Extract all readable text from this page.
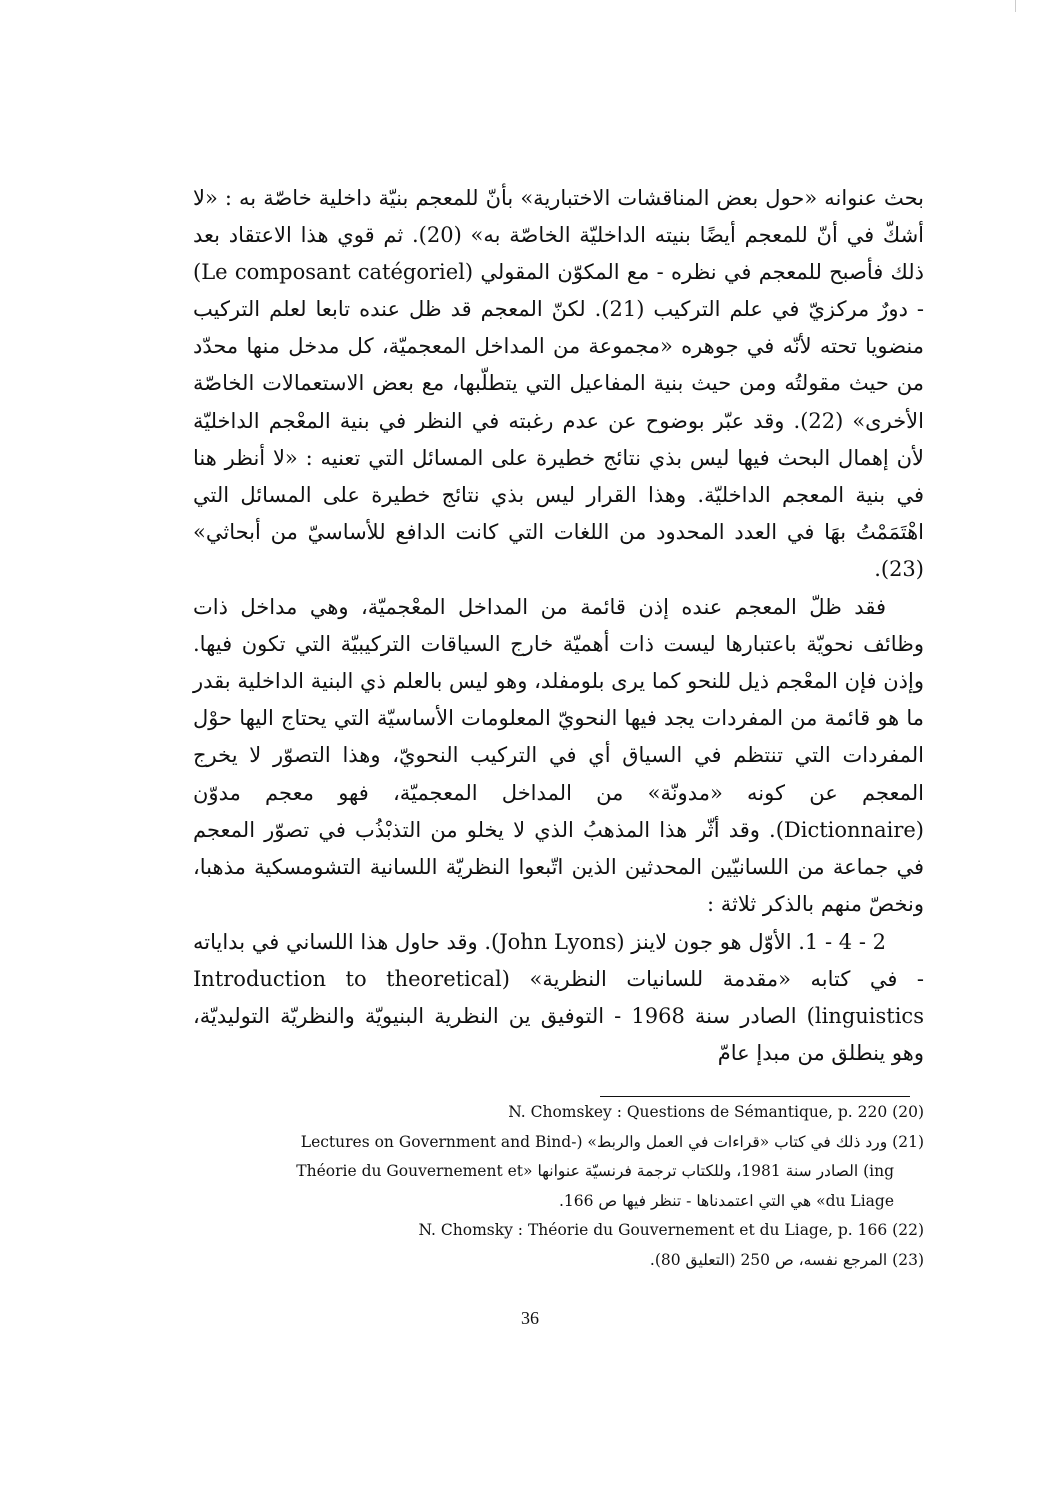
بحث عنوانه «حول بعض المناقشات الاختبارية» بأنّ للمعجم بنيّة داخلية خاصّة به : «لا أشكّ في أنّ للمعجم أيضًا بنيته الداخليّة الخاصّة به» (20). ثم قوي هذا الاعتقاد بعد ذلك فأصبح للمعجم في نظره - مع المكوّن المقولي (Le composant catégoriel) - دورٌ مركزيّ في علم التركيب (21). لكنّ المعجم قد ظل عنده تابعا لعلم التركيب منضويا تحته لأنّه في جوهره «مجموعة من المداخل المعجميّة، كل مدخل منها محدّد من حيث مقولتُه ومن حيث بنية المفاعيل التي يتطلّبها، مع بعض الاستعمالات الخاصّة الأخرى» (22). وقد عبّر بوضوح عن عدم رغبته في النظر في بنية المعْجم الداخليّة لأن إهمال البحث فيها ليس بذي نتائج خطيرة على المسائل التي تعنيه : «لا أنظر هنا في بنية المعجم الداخليّة. وهذا القرار ليس بذي نتائج خطيرة على المسائل التي اهْتَمَمْتُ بهَا في العدد المحدود من اللغات التي كانت الدافع للأساسيّ من أبحاثي» (23).

فقد ظلّ المعجم عنده إذن قائمة من المداخل المعْجميّة، وهي مداخل ذات وظائف نحويّة باعتبارها ليست ذات أهميّة خارج السياقات التركيبيّة التي تكون فيها. وإذن فإن المعْجم ذيل للنحو كما يرى بلومفلد، وهو ليس بالعلم ذي البنية الداخلية بقدر ما هو قائمة من المفردات يجد فيها النحويّ المعلومات الأساسيّة التي يحتاج اليها حوْل المفردات التي تنتظم في السياق أي في التركيب النحويّ، وهذا التصوّر لا يخرج المعجم عن كونه «مدونّة» من المداخل المعجميّة، فهو معجم مدوّن (Dictionnaire). وقد أثّر هذا المذهبُ الذي لا يخلو من التذبْذُب في تصوّر المعجم في جماعة من اللسانيّين المحدثين الذين اتّبعوا النظريّة اللسانية التشومسكية مذهبا، ونخصّ منهم بالذكر ثلاثة :

2 - 4 - 1. الأوّل هو جون لاينز (John Lyons). وقد حاول هذا اللساني في بداياته - في كتابه «مقدمة للسانيات النظرية» (Introduction to theoretical linguistics) الصادر سنة 1968 - التوفيق ين النظرية البنيويّة والنظريّة التوليديّة، وهو ينطلق من مبدإ عامّ

N. Chomskey : Questions de Sémantique, p. 220 (20)

(21) ورد ذلك في كتاب «قراءات في العمل والربط» (-Lectures on Government and Bind

ing) الصادر سنة 1981، وللكتاب ترجمة فرنسيّة عنوانها «Théorie du Gouvernement et

du Liage» هي التي اعتمدناها - تنظر فيها ص 166.

N. Chomsky : Théorie du Gouvernement et du Liage, p. 166 (22)

(23) المرجع نفسه، ص 250 (التعليق 80).

36
